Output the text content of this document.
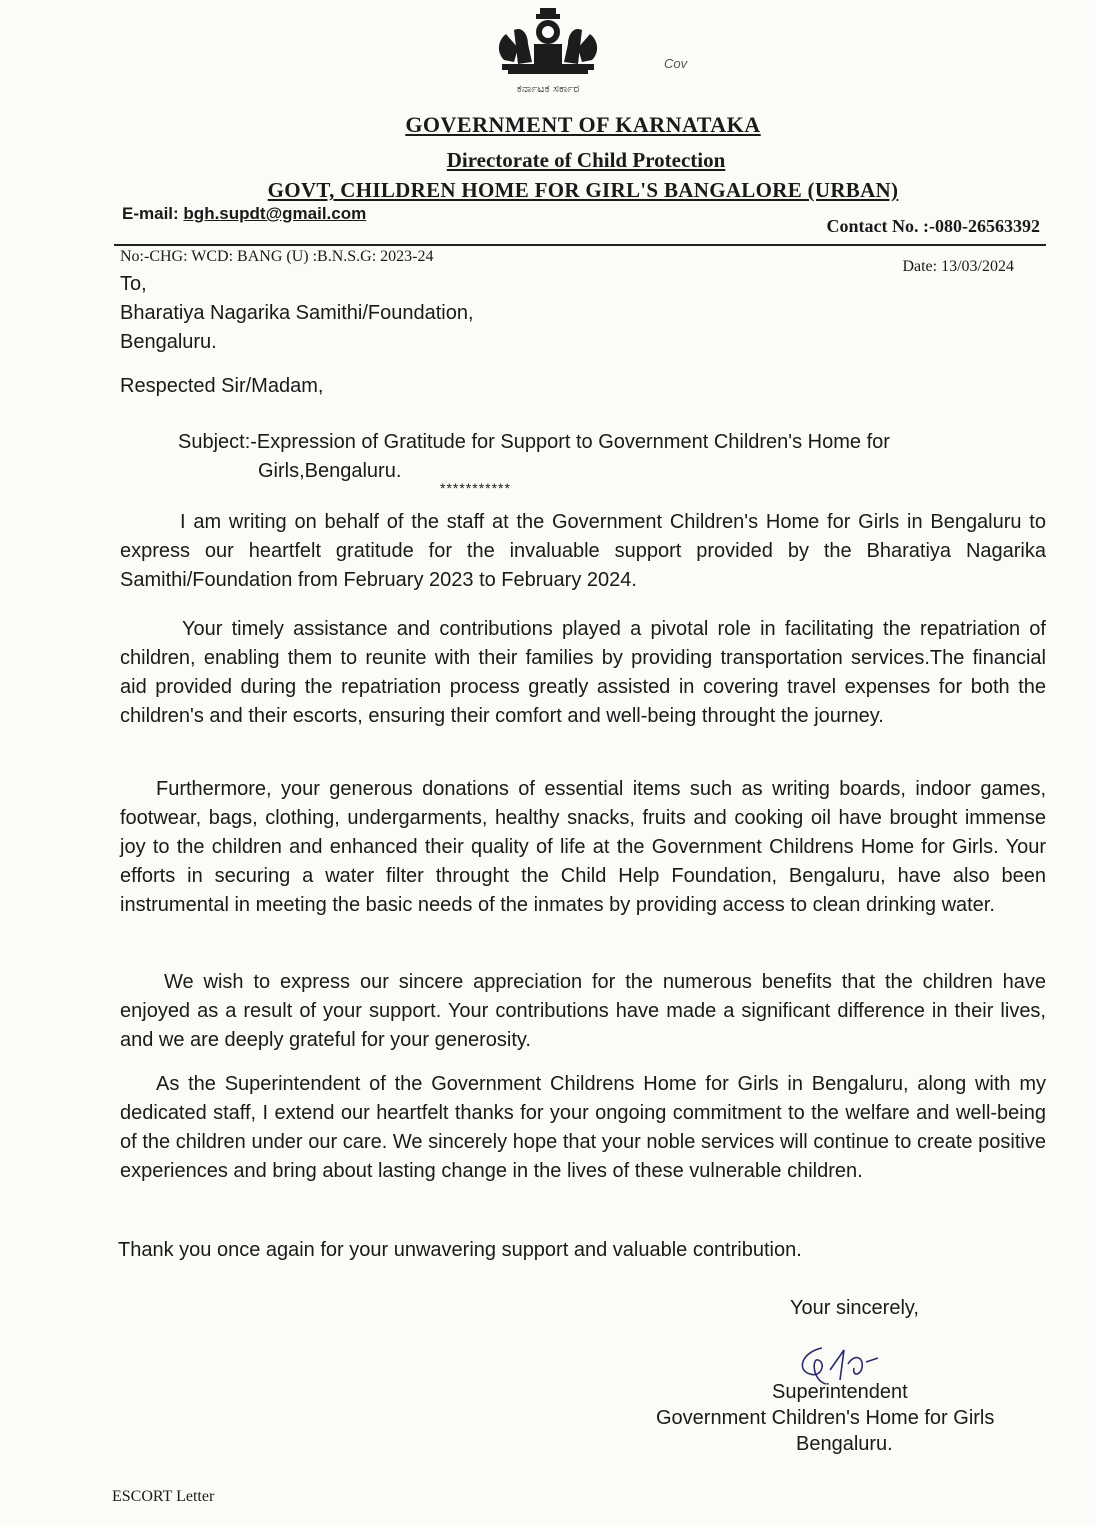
ಕರ್ನಾಟಕ ಸರ್ಕಾರ
Cov
GOVERNMENT OF KARNATAKA
Directorate of Child Protection
GOVT, CHILDREN HOME FOR GIRL'S BANGALORE (URBAN)
E-mail: bgh.supdt@gmail.com
Contact No. :-080-26563392
No:-CHG: WCD: BANG (U) :B.N.S.G: 2023-24
Date: 13/03/2024
To,
Bharatiya Nagarika Samithi/Foundation,
Bengaluru.
Respected Sir/Madam,
Subject:-Expression of Gratitude for Support to Government Children's Home for
Girls,Bengaluru.
***********

I am writing on behalf of the staff at the Government Children's Home for Girls in Bengaluru to express our heartfelt gratitude for the invaluable support provided by the Bharatiya Nagarika Samithi/Foundation from February 2023 to February 2024.

Your timely assistance and contributions played a pivotal role in facilitating the repatriation of children, enabling them to reunite with their families by providing transportation services.The financial aid provided during the repatriation process greatly assisted in covering travel expenses for both the children's and their escorts, ensuring their comfort and well-being throught the journey.

Furthermore, your generous donations of essential items such as writing boards, indoor games, footwear, bags, clothing, undergarments, healthy snacks, fruits and cooking oil have brought immense joy to the children and enhanced their quality of life at the Government Childrens Home for Girls. Your efforts in securing a water filter throught the Child Help Foundation, Bengaluru, have also been instrumental in meeting the basic needs of the inmates by providing access to clean drinking water.

We wish to express our sincere appreciation for the numerous benefits that the children have enjoyed as a result of your support. Your contributions have made a significant difference in their lives, and we are deeply grateful for your generosity.

As the Superintendent of the Government Childrens Home for Girls in Bengaluru, along with my dedicated staff, I extend our heartfelt thanks for your ongoing commitment to the welfare and well-being of the children under our care. We sincerely hope that your noble services will continue to create positive experiences and bring about lasting change in the lives of these vulnerable children.

Thank you once again for your unwavering support and valuable contribution.
Your sincerely,
Superintendent
Government Children's Home for Girls
Bengaluru.
ESCORT Letter
